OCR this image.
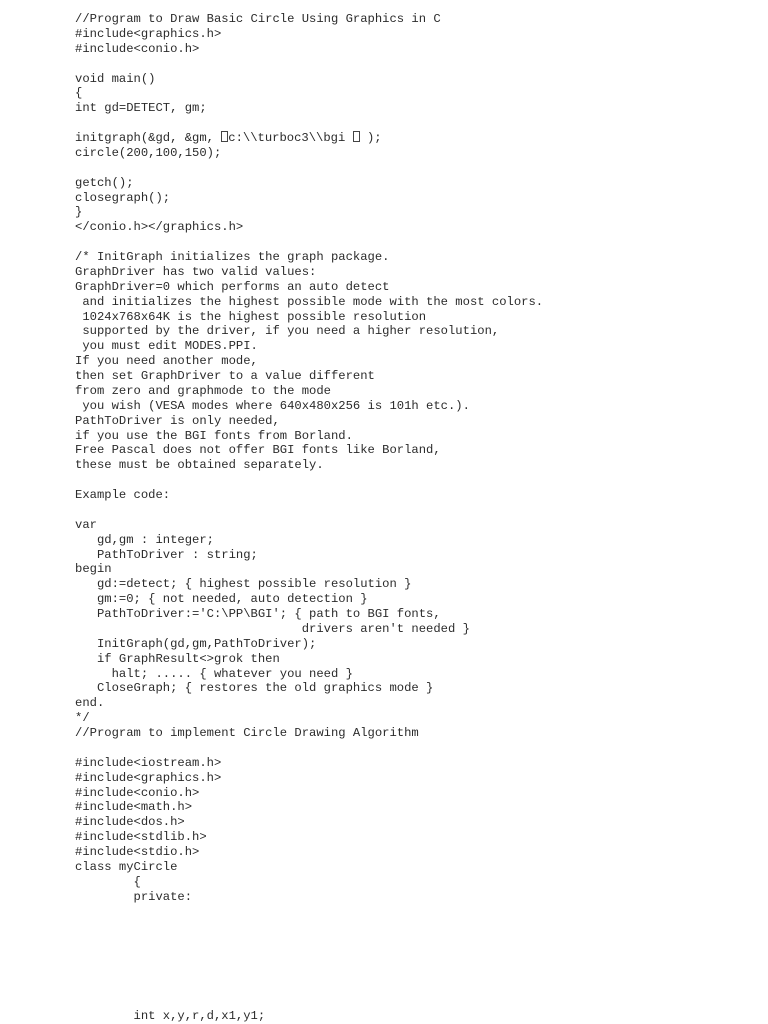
//Program to Draw Basic Circle Using Graphics in C
#include<graphics.h>
#include<conio.h>
void main()
{
int gd=DETECT, gm;
initgraph(&gd, &gm, c:\\turboc3\\bgi  );
circle(200,100,150);
getch();
closegraph();
}
</conio.h></graphics.h>
/* InitGraph initializes the graph package.
GraphDriver has two valid values:
GraphDriver=0 which performs an auto detect
and initializes the highest possible mode with the most colors.
1024x768x64K is the highest possible resolution
supported by the driver, if you need a higher resolution,
you must edit MODES.PPI.
If you need another mode,
then set GraphDriver to a value different
from zero and graphmode to the mode
you wish (VESA modes where 640x480x256 is 101h etc.).
PathToDriver is only needed,
if you use the BGI fonts from Borland.
Free Pascal does not offer BGI fonts like Borland,
these must be obtained separately.
Example code:
var
gd,gm : integer;
PathToDriver : string;
begin
gd:=detect; { highest possible resolution }
gm:=0; { not needed, auto detection }
PathToDriver:='C:\PP\BGI'; { path to BGI fonts,
drivers aren't needed }
InitGraph(gd,gm,PathToDriver);
if GraphResult<>grok then
halt; ..... { whatever you need }
CloseGraph; { restores the old graphics mode }
end.
*/
//Program to implement Circle Drawing Algorithm
#include<iostream.h>
#include<graphics.h>
#include<conio.h>
#include<math.h>
#include<dos.h>
#include<stdlib.h>
#include<stdio.h>
class myCircle
{
private:
int x,y,r,d,x1,y1;
